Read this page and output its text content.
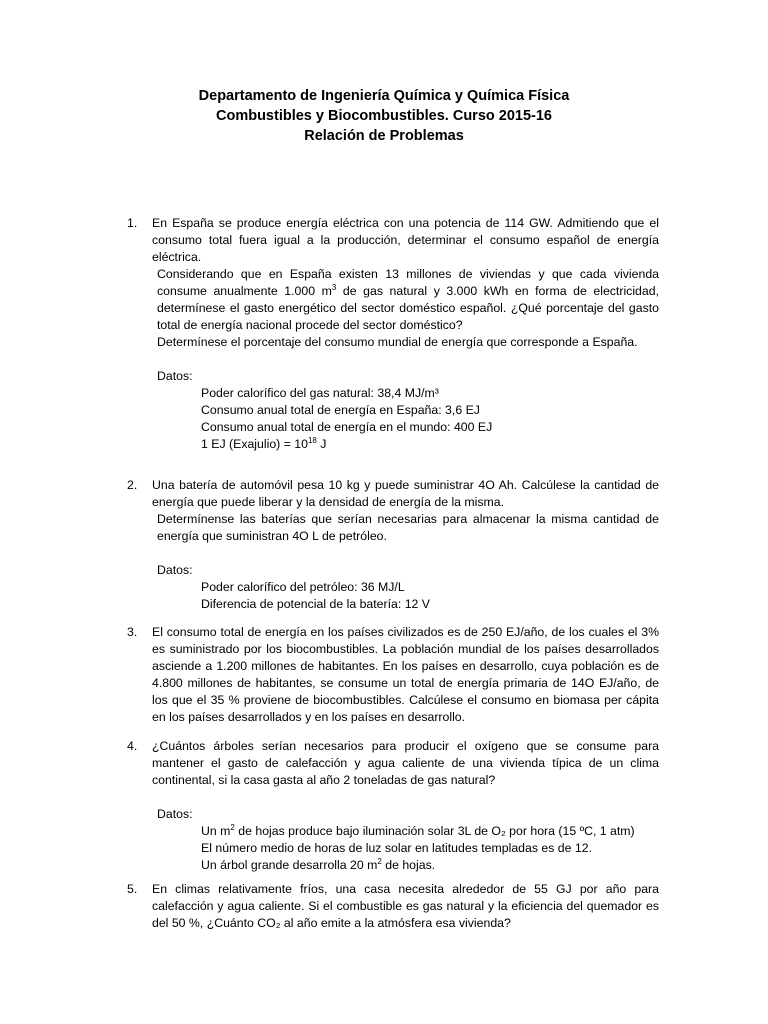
Departamento de Ingeniería Química y Química Física
Combustibles y Biocombustibles. Curso 2015-16
Relación de Problemas
1.	En España se produce energía eléctrica con una potencia de 114 GW. Admitiendo que el consumo total fuera igual a la producción, determinar el consumo español de energía eléctrica.
Considerando que en España existen 13 millones de viviendas y que cada vivienda consume anualmente 1.000 $m^3$ de gas natural y 3.000 kWh en forma de electricidad, determínese el gasto energético del sector doméstico español. ¿Qué porcentaje del gasto total de energía nacional procede del sector doméstico?
Determínese el porcentaje del consumo mundial de energía que corresponde a España.
Datos:
Poder calorífico del gas natural: 38,4 MJ/m³
Consumo anual total de energía en España: 3,6 EJ
Consumo anual total de energía en el mundo: 400 EJ
1 EJ (Exajulio) = $10^{18}$ J
2.	Una batería de automóvil pesa 10 kg y puede suministrar 4O Ah. Calcúlese la cantidad de energía que puede liberar y la densidad de energía de la misma.
Determínense las baterías que serían necesarias para almacenar la misma cantidad de energía que suministran 4O L de petróleo.
Datos:
Poder calorífico del petróleo: 36 MJ/L
Diferencia de potencial de la batería: 12 V
3.	El consumo total de energía en los países civilizados es de 250 EJ/año, de los cuales el 3% es suministrado por los biocombustibles. La población mundial de los países desarrollados asciende a 1.200 millones de habitantes. En los países en desarrollo, cuya población es de 4.800 millones de habitantes, se consume un total de energía primaria de 14O EJ/año, de los que el 35 % proviene de biocombustibles. Calcúlese el consumo en biomasa per cápita en los países desarrollados y en los países en desarrollo.
4.	¿Cuántos árboles serían necesarios para producir el oxígeno que se consume para mantener el gasto de calefacción y agua caliente de una vivienda típica de un clima continental, si la casa gasta al año 2 toneladas de gas natural?
Datos:
Un $m^2$ de hojas produce bajo iluminación solar 3L de O₂ por hora (15 ºC, 1 atm)
El número medio de horas de luz solar en latitudes templadas es de 12.
Un árbol grande desarrolla 20 $m^2$ de hojas.
5.	En climas relativamente fríos, una casa necesita alrededor de 55 GJ por año para calefacción y agua caliente. Si el combustible es gas natural y la eficiencia del quemador es del 50 %, ¿Cuánto CO₂ al año emite a la atmósfera esa vivienda?
